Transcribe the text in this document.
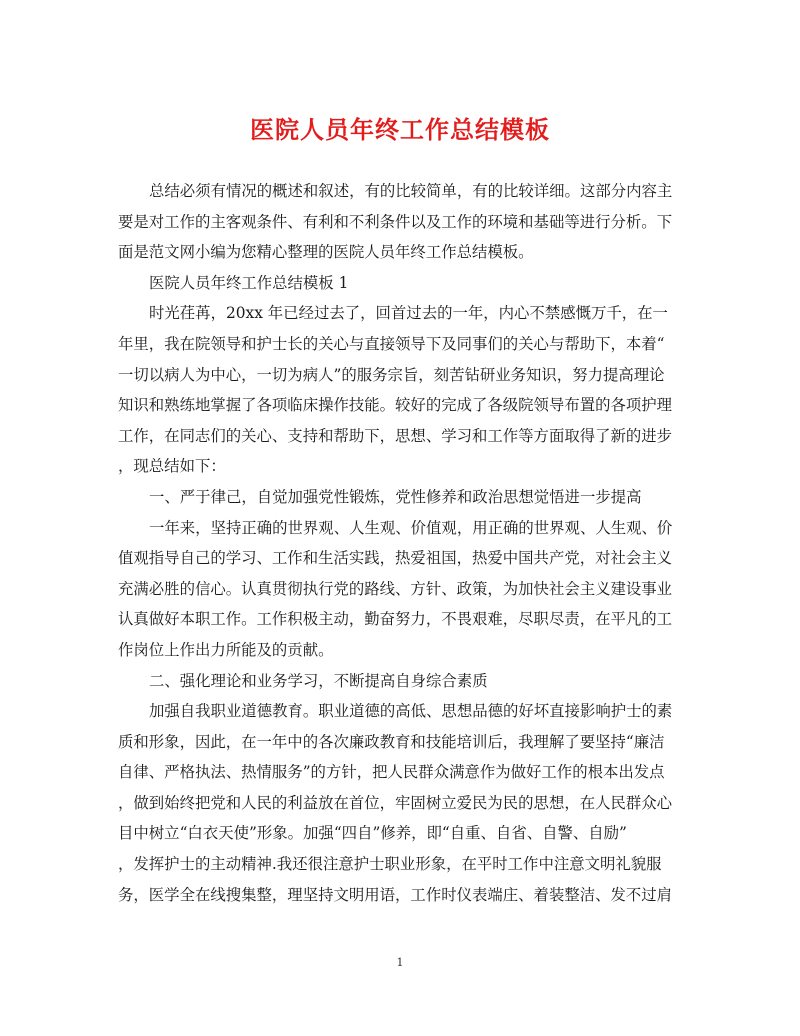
医院人员年终工作总结模板
总结必须有情况的概述和叙述，有的比较简单，有的比较详细。这部分内容主
要是对工作的主客观条件、有利和不利条件以及工作的环境和基础等进行分析。下
面是范文网小编为您精心整理的医院人员年终工作总结模板。
医院人员年终工作总结模板 1
时光荏苒，20xx 年已经过去了，回首过去的一年，内心不禁感慨万千，在一
年里，我在院领导和护士长的关心与直接领导下及同事们的关心与帮助下，本着“
一切以病人为中心，一切为病人”的服务宗旨，刻苦钻研业务知识，努力提高理论
知识和熟练地掌握了各项临床操作技能。较好的完成了各级院领导布置的各项护理
工作，在同志们的关心、支持和帮助下，思想、学习和工作等方面取得了新的进步
，现总结如下：
一、严于律己，自觉加强党性锻炼，党性修养和政治思想觉悟进一步提高
一年来，坚持正确的世界观、人生观、价值观，用正确的世界观、人生观、价
值观指导自己的学习、工作和生活实践，热爱祖国，热爱中国共产党，对社会主义
充满必胜的信心。认真贯彻执行党的路线、方针、政策，为加快社会主义建设事业
认真做好本职工作。工作积极主动，勤奋努力，不畏艰难，尽职尽责，在平凡的工
作岗位上作出力所能及的贡献。
二、强化理论和业务学习，不断提高自身综合素质
加强自我职业道德教育。职业道德的高低、思想品德的好坏直接影响护士的素
质和形象，因此，在一年中的各次廉政教育和技能培训后，我理解了要坚持“廉洁
自律、严格执法、热情服务”的方针，把人民群众满意作为做好工作的根本出发点
，做到始终把党和人民的利益放在首位，牢固树立爱民为民的思想，在人民群众心
目中树立“白衣天使”形象。加强“四自”修养，即“自重、自省、自警、自励”
，发挥护士的主动精神.我还很注意护士职业形象，在平时工作中注意文明礼貌服
务，医学全在线搜集整，理坚持文明用语，工作时仪表端庄、着装整洁、发不过肩
1
